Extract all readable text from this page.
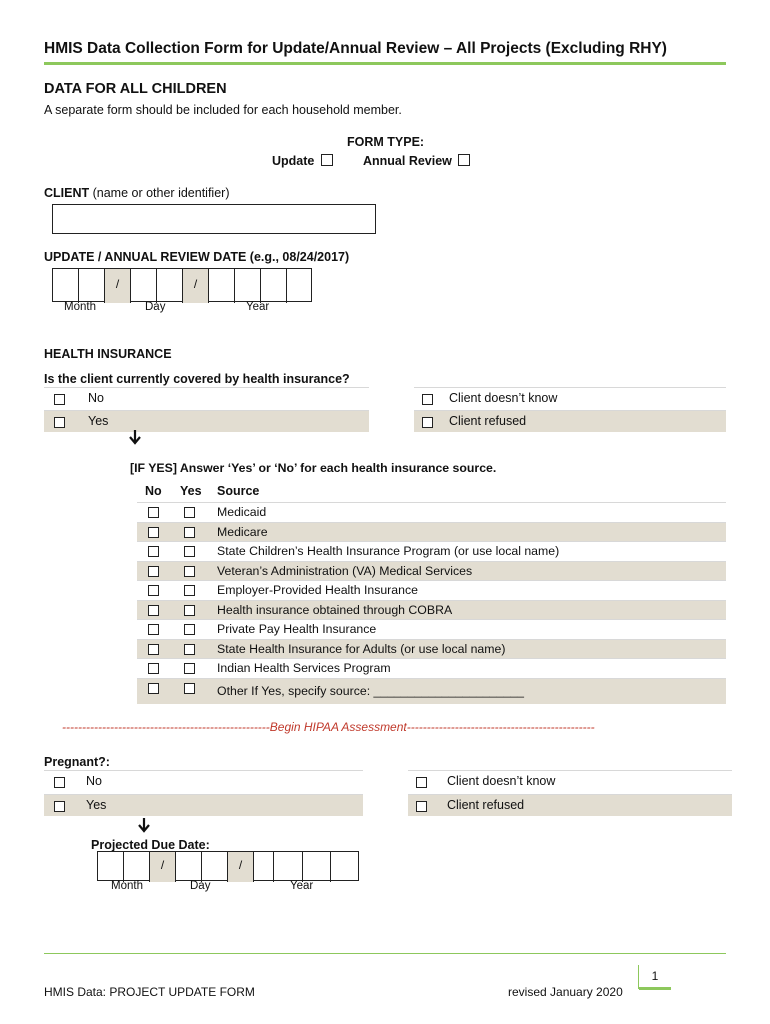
HMIS Data Collection Form for Update/Annual Review – All Projects (Excluding RHY)
DATA FOR ALL CHILDREN
A separate form should be included for each household member.
FORM TYPE:
Update	Annual Review
CLIENT (name or other identifier)
UPDATE / ANNUAL REVIEW DATE (e.g., 08/24/2017)
/	/
Month	Day	Year
HEALTH INSURANCE
Is the client currently covered by health insurance?
No
Yes
Client doesn’t know
Client refused
[IF YES] Answer ‘Yes’ or ‘No’ for each health insurance source.
No Yes Source
Medicaid
Medicare
State Children’s Health Insurance Program (or use local name)
Veteran’s Administration (VA) Medical Services
Employer-Provided Health Insurance
Health insurance obtained through COBRA
Private Pay Health Insurance
State Health Insurance for Adults (or use local name)
Indian Health Services Program
Other If Yes, specify source: ______________________
----------------------------------------------------Begin HIPAA Assessment-----------------------------------------------
Pregnant?:
No
Yes
Client doesn’t know
Client refused
Projected Due Date:
/	/
Month	Day	Year
HMIS Data: PROJECT UPDATE FORM	revised January 2020
1
